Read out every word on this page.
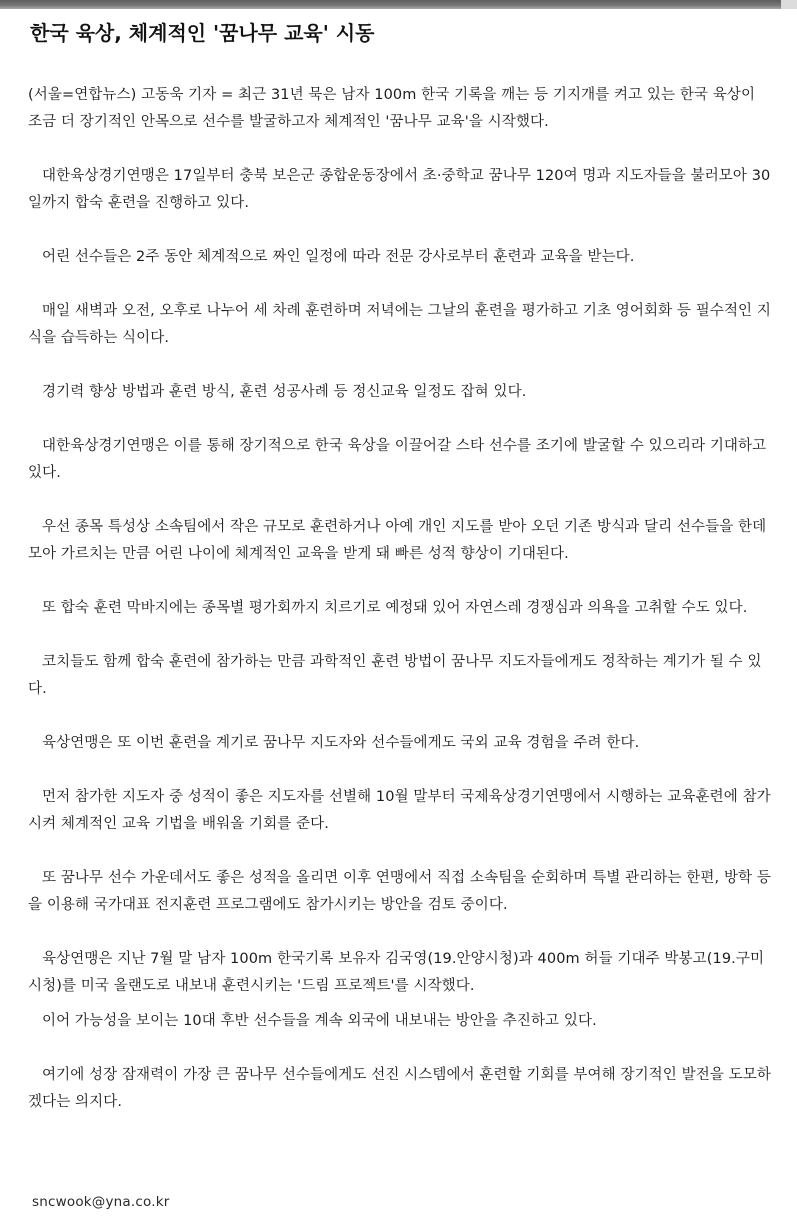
한국 육상, 체계적인 '꿈나무 교육' 시동

(서울=연합뉴스) 고동욱 기자 = 최근 31년 묵은 남자 100m 한국 기록을 깨는 등 기지개를 켜고 있는 한국 육상이 조금 더 장기적인 안목으로 선수를 발굴하고자 체계적인 '꿈나무 교육'을 시작했다.

대한육상경기연맹은 17일부터 충북 보은군 종합운동장에서 초·중학교 꿈나무 120여 명과 지도자들을 불러모아 30일까지 합숙 훈련을 진행하고 있다.

어린 선수들은 2주 동안 체계적으로 짜인 일정에 따라 전문 강사로부터 훈련과 교육을 받는다.

매일 새벽과 오전, 오후로 나누어 세 차례 훈련하며 저녁에는 그날의 훈련을 평가하고 기초 영어회화 등 필수적인 지식을 습득하는 식이다.

경기력 향상 방법과 훈련 방식, 훈련 성공사례 등 정신교육 일정도 잡혀 있다.

대한육상경기연맹은 이를 통해 장기적으로 한국 육상을 이끌어갈 스타 선수를 조기에 발굴할 수 있으리라 기대하고 있다.

우선 종목 특성상 소속팀에서 작은 규모로 훈련하거나 아예 개인 지도를 받아 오던 기존 방식과 달리 선수들을 한데 모아 가르치는 만큼 어린 나이에 체계적인 교육을 받게 돼 빠른 성적 향상이 기대된다.

또 합숙 훈련 막바지에는 종목별 평가회까지 치르기로 예정돼 있어 자연스레 경쟁심과 의욕을 고취할 수도 있다.

코치들도 함께 합숙 훈련에 참가하는 만큼 과학적인 훈련 방법이 꿈나무 지도자들에게도 정착하는 계기가 될 수 있다.

육상연맹은 또 이번 훈련을 계기로 꿈나무 지도자와 선수들에게도 국외 교육 경험을 주려 한다.

먼저 참가한 지도자 중 성적이 좋은 지도자를 선별해 10월 말부터 국제육상경기연맹에서 시행하는 교육훈련에 참가시켜 체계적인 교육 기법을 배워올 기회를 준다.

또 꿈나무 선수 가운데서도 좋은 성적을 올리면 이후 연맹에서 직접 소속팀을 순회하며 특별 관리하는 한편, 방학 등을 이용해 국가대표 전지훈련 프로그램에도 참가시키는 방안을 검토 중이다.

육상연맹은 지난 7월 말 남자 100m 한국기록 보유자 김국영(19.안양시청)과 400m 허들 기대주 박봉고(19.구미시청)를 미국 올랜도로 내보내 훈련시키는 '드림 프로젝트'를 시작했다.

이어 가능성을 보이는 10대 후반 선수들을 계속 외국에 내보내는 방안을 추진하고 있다.

여기에 성장 잠재력이 가장 큰 꿈나무 선수들에게도 선진 시스템에서 훈련할 기회를 부여해 장기적인 발전을 도모하겠다는 의지다.

sncwook@yna.co.kr
